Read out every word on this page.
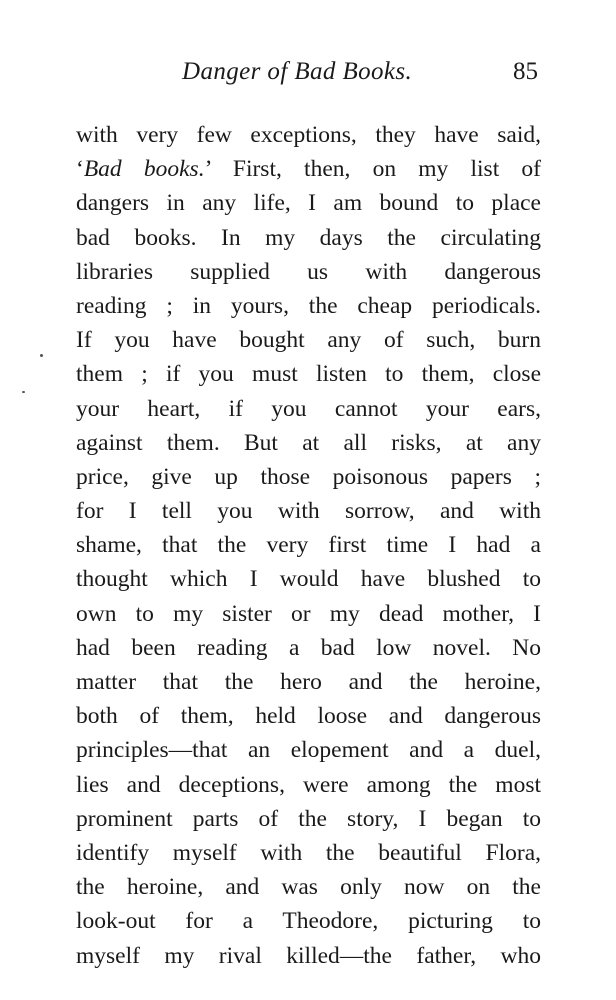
Danger of Bad Books.	85
with very few exceptions, they have said,
‘Bad books.’ First, then, on my list of
dangers in any life, I am bound to place
bad books. In my days the circulating
libraries supplied us with dangerous
reading ; in yours, the cheap periodicals.
If you have bought any of such, burn
them ; if you must listen to them, close
your heart, if you cannot your ears,
against them. But at all risks, at any
price, give up those poisonous papers ;
for I tell you with sorrow, and with
shame, that the very first time I had a
thought which I would have blushed to
own to my sister or my dead mother, I
had been reading a bad low novel. No
matter that the hero and the heroine,
both of them, held loose and dangerous
principles—that an elopement and a duel,
lies and deceptions, were among the most
prominent parts of the story, I began to
identify myself with the beautiful Flora,
the heroine, and was only now on the
look-out for a Theodore, picturing to
myself my rival killed—the father, who
